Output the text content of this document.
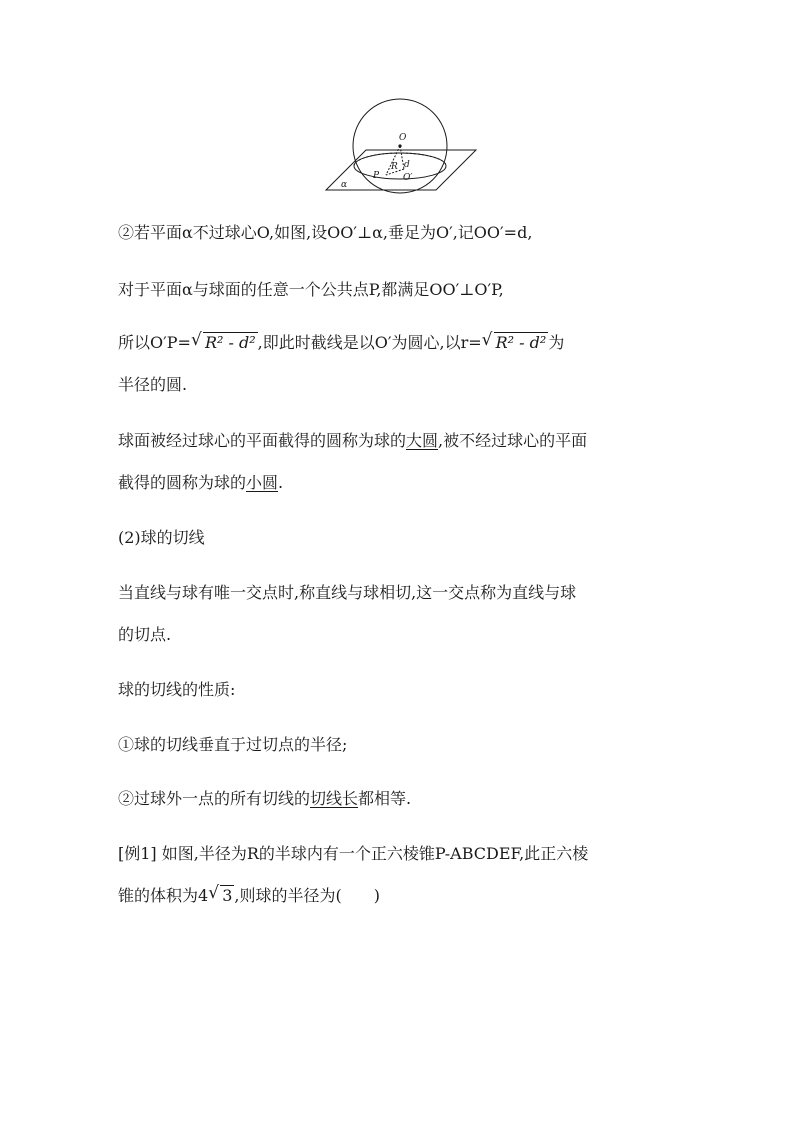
O
R d
P	O′
α
②若平面α不过球心O,如图,设OO′⊥α,垂足为O′,记OO′=d,
对于平面α与球面的任意一个公共点P,都满足OO′⊥O′P,
所以O′P= √ R² - d² ,即此时截线是以O′为圆心,以r= √ R² - d² 为
半径的圆.
球面被经过球心的平面截得的圆称为球的大圆,被不经过球心的平面
截得的圆称为球的小圆.
(2)球的切线
当直线与球有唯一交点时,称直线与球相切,这一交点称为直线与球
的切点.
球的切线的性质:
①球的切线垂直于过切点的半径;
②过球外一点的所有切线的切线长都相等.
[例1] 如图,半径为R的半球内有一个正六棱锥P-ABCDEF,此正六棱
锥的体积为4 √ 3 ,则球的半径为(　　)
